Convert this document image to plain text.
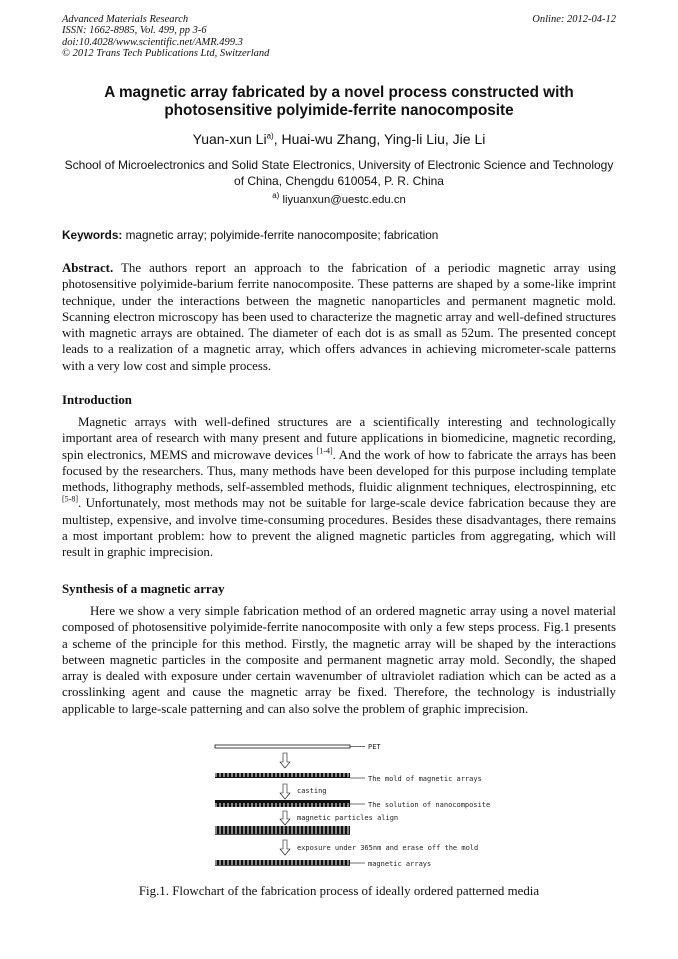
Advanced Materials Research
ISSN: 1662-8985, Vol. 499, pp 3-6
doi:10.4028/www.scientific.net/AMR.499.3
© 2012 Trans Tech Publications Ltd, Switzerland
Online: 2012-04-12
A magnetic array fabricated by a novel process constructed with photosensitive polyimide-ferrite nanocomposite
Yuan-xun Li$^{a)}$, Huai-wu Zhang, Ying-li Liu, Jie Li
School of Microelectronics and Solid State Electronics, University of Electronic Science and Technology of China, Chengdu 610054, P. R. China
$^{a)}$ liyuanxun@uestc.edu.cn
Keywords: magnetic array; polyimide-ferrite nanocomposite; fabrication
Abstract. The authors report an approach to the fabrication of a periodic magnetic array using photosensitive polyimide-barium ferrite nanocomposite. These patterns are shaped by a some-like imprint technique, under the interactions between the magnetic nanoparticles and permanent magnetic mold. Scanning electron microscopy has been used to characterize the magnetic array and well-defined structures with magnetic arrays are obtained. The diameter of each dot is as small as 52um. The presented concept leads to a realization of a magnetic array, which offers advances in achieving micrometer-scale patterns with a very low cost and simple process.
Introduction
Magnetic arrays with well-defined structures are a scientifically interesting and technologically important area of research with many present and future applications in biomedicine, magnetic recording, spin electronics, MEMS and microwave devices [1-4]. And the work of how to fabricate the arrays has been focused by the researchers. Thus, many methods have been developed for this purpose including template methods, lithography methods, self-assembled methods, fluidic alignment techniques, electrospinning, etc [5-8]. Unfortunately, most methods may not be suitable for large-scale device fabrication because they are multistep, expensive, and involve time-consuming procedures. Besides these disadvantages, there remains a most important problem: how to prevent the aligned magnetic particles from aggregating, which will result in graphic imprecision.
Synthesis of a magnetic array
Here we show a very simple fabrication method of an ordered magnetic array using a novel material composed of photosensitive polyimide-ferrite nanocomposite with only a few steps process. Fig.1 presents a scheme of the principle for this method. Firstly, the magnetic array will be shaped by the interactions between magnetic particles in the composite and permanent magnetic array mold. Secondly, the shaped array is dealed with exposure under certain wavenumber of ultraviolet radiation which can be acted as a crosslinking agent and cause the magnetic array be fixed. Therefore, the technology is industrially applicable to large-scale patterning and can also solve the problem of graphic imprecision.
PET
The mold of magnetic arrays
casting
The solution of nanocomposite
magnetic particles align
exposure under 365nm and erase off the mold
magnetic arrays
Fig.1. Flowchart of the fabrication process of ideally ordered patterned media
